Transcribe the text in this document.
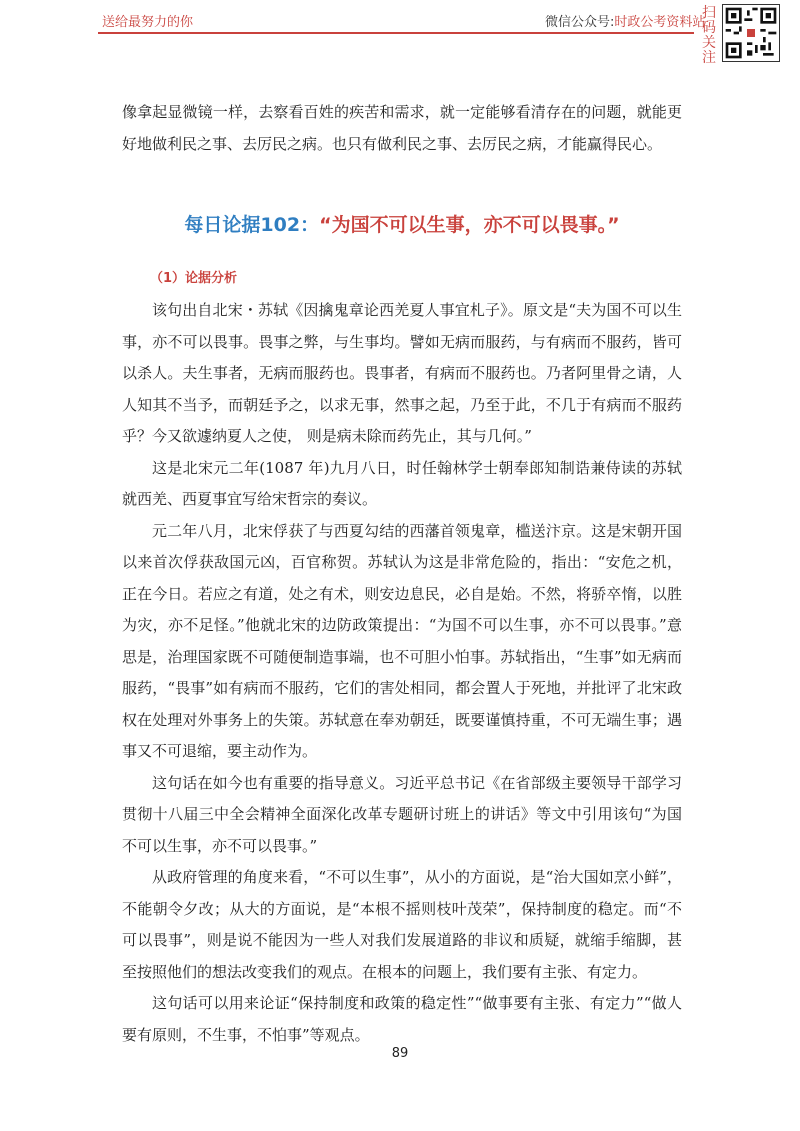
送给最努力的你	微信公众号:时政公考资料站
扫码关注

像拿起显微镜一样，去察看百姓的疾苦和需求，就一定能够看清存在的问题，就能更好地做利民之事、去厉民之病。也只有做利民之事、去厉民之病，才能赢得民心。

每日论据102：“为国不可以生事，亦不可以畏事。”
（1）论据分析

该句出自北宋・苏轼《因擒鬼章论西羌夏人事宜札子》。原文是“夫为国不可以生事，亦不可以畏事。畏事之弊，与生事均。譬如无病而服药，与有病而不服药，皆可以杀人。夫生事者，无病而服药也。畏事者，有病而不服药也。乃者阿里骨之请，人人知其不当予，而朝廷予之，以求无事，然事之起，乃至于此，不几于有病而不服药乎？今又欲遽纳夏人之使， 则是病未除而药先止，其与几何。”

这是北宋元二年(1087 年)九月八日，时任翰林学士朝奉郎知制诰兼侍读的苏轼就西羌、西夏事宜写给宋哲宗的奏议。

元二年八月，北宋俘获了与西夏勾结的西藩首领鬼章，槛送汴京。这是宋朝开国以来首次俘获敌国元凶，百官称贺。苏轼认为这是非常危险的，指出：“安危之机，正在今日。若应之有道，处之有术，则安边息民，必自是始。不然，将骄卒惰，以胜为灾，亦不足怪。”他就北宋的边防政策提出：“为国不可以生事，亦不可以畏事。”意思是，治理国家既不可随便制造事端，也不可胆小怕事。苏轼指出，“生事”如无病而服药，“畏事”如有病而不服药，它们的害处相同，都会置人于死地，并批评了北宋政权在处理对外事务上的失策。苏轼意在奉劝朝廷，既要谨慎持重，不可无端生事；遇事又不可退缩，要主动作为。

这句话在如今也有重要的指导意义。习近平总书记《在省部级主要领导干部学习贯彻十八届三中全会精神全面深化改革专题研讨班上的讲话》等文中引用该句“为国不可以生事，亦不可以畏事。”

从政府管理的角度来看，“不可以生事”，从小的方面说，是“治大国如烹小鲜”，不能朝令夕改；从大的方面说，是“本根不摇则枝叶茂荣”，保持制度的稳定。而“不可以畏事”，则是说不能因为一些人对我们发展道路的非议和质疑，就缩手缩脚，甚至按照他们的想法改变我们的观点。在根本的问题上，我们要有主张、有定力。

这句话可以用来论证“保持制度和政策的稳定性”“做事要有主张、有定力”“做人要有原则，不生事，不怕事”等观点。

89
